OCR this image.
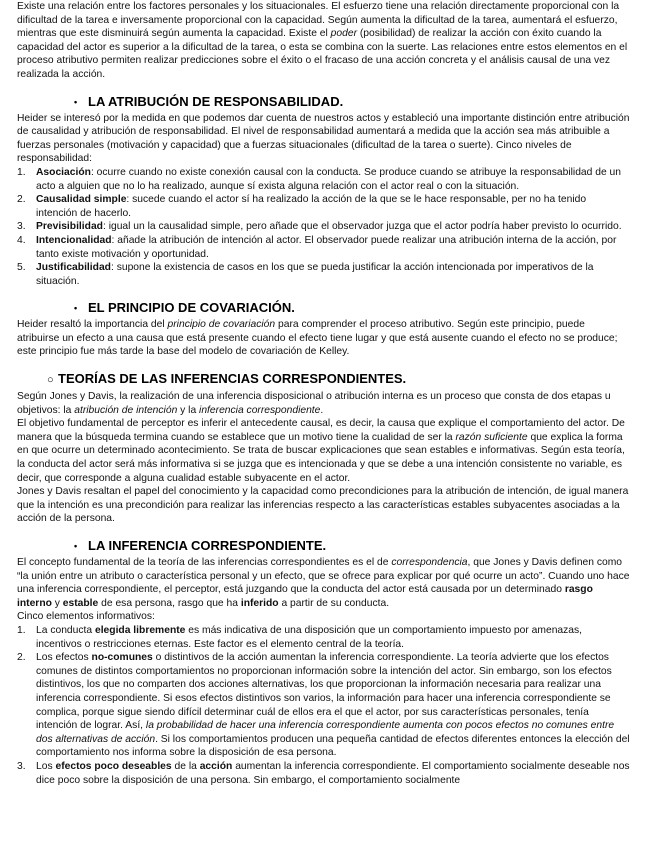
Existe una relación entre los factores personales y los situacionales. El esfuerzo tiene una relación directamente proporcional con la dificultad de la tarea e inversamente proporcional con la capacidad. Según aumenta la dificultad de la tarea, aumentará el esfuerzo, mientras que este disminuirá según aumenta la capacidad. Existe el poder (posibilidad) de realizar la acción con éxito cuando la capacidad del actor es superior a la dificultad de la tarea, o esta se combina con la suerte. Las relaciones entre estos elementos en el proceso atributivo permiten realizar predicciones sobre el éxito o el fracaso de una acción concreta y el análisis causal de una vez realizada la acción.

• LA ATRIBUCIÓN DE RESPONSABILIDAD.

Heider se interesó por la medida en que podemos dar cuenta de nuestros actos y estableció una importante distinción entre atribución de causalidad y atribución de responsabilidad. El nivel de responsabilidad aumentará a medida que la acción sea más atribuible a fuerzas personales (motivación y capacidad) que a fuerzas situacionales (dificultad de la tarea o suerte). Cinco niveles de responsabilidad:

1.	Asociación: ocurre cuando no existe conexión causal con la conducta. Se produce cuando se atribuye la responsabilidad de un acto a alguien que no lo ha realizado, aunque sí exista alguna relación con el actor real o con la situación.
2.	Causalidad simple: sucede cuando el actor sí ha realizado la acción de la que se le hace responsable, per no ha tenido intención de hacerlo.
3.	Previsibilidad: igual un la causalidad simple, pero añade que el observador juzga que el actor podría haber previsto lo ocurrido.
4.	Intencionalidad: añade la atribución de intención al actor. El observador puede realizar una atribución interna de la acción, por tanto existe motivación y oportunidad.
5.	Justificabilidad: supone la existencia de casos en los que se pueda justificar la acción intencionada por imperativos de la situación.
• EL PRINCIPIO DE COVARIACIÓN.

Heider resaltó la importancia del principio de covariación para comprender el proceso atributivo. Según este principio, puede atribuirse un efecto a una causa que está presente cuando el efecto tiene lugar y que está ausente cuando el efecto no se produce; este principio fue más tarde la base del modelo de covariación de Kelley.

○ TEORÍAS DE LAS INFERENCIAS CORRESPONDIENTES.

Según Jones y Davis, la realización de una inferencia disposicional o atribución interna es un proceso que consta de dos etapas u objetivos: la atribución de intención y la inferencia correspondiente.

El objetivo fundamental de perceptor es inferir el antecedente causal, es decir, la causa que explique el comportamiento del actor. De manera que la búsqueda termina cuando se establece que un motivo tiene la cualidad de ser la razón suficiente que explica la forma en que ocurre un determinado acontecimiento. Se trata de buscar explicaciones que sean estables e informativas. Según esta teoría, la conducta del actor será más informativa si se juzga que es intencionada y que se debe a una intención consistente no variable, es decir, que corresponde a alguna cualidad estable subyacente en el actor.

Jones y Davis resaltan el papel del conocimiento y la capacidad como precondiciones para la atribución de intención, de igual manera que la intención es una precondición para realizar las inferencias respecto a las características estables subyacentes asociadas a la acción de la persona.

• LA INFERENCIA CORRESPONDIENTE.

El concepto fundamental de la teoría de las inferencias correspondientes es el de correspondencia, que Jones y Davis definen como “la unión entre un atributo o característica personal y un efecto, que se ofrece para explicar por qué ocurre un acto”. Cuando uno hace una inferencia correspondiente, el perceptor, está juzgando que la conducta del actor está causada por un determinado rasgo interno y estable de esa persona, rasgo que ha inferido a partir de su conducta.

Cinco elementos informativos:

1.	La conducta elegida libremente es más indicativa de una disposición que un comportamiento impuesto por amenazas, incentivos o restricciones eternas. Este factor es el elemento central de la teoría.
2.	Los efectos no-comunes o distintivos de la acción aumentan la inferencia correspondiente. La teoría advierte que los efectos comunes de distintos comportamientos no proporcionan información sobre la intención del actor. Sin embargo, son los efectos distintivos, los que no comparten dos acciones alternativas, los que proporcionan la información necesaria para realizar una inferencia correspondiente. Si esos efectos distintivos son varios, la información para hacer una inferencia correspondiente se complica, porque sigue siendo difícil determinar cuál de ellos era el que el actor, por sus características personales, tenía intención de lograr. Así, la probabilidad de hacer una inferencia correspondiente aumenta con pocos efectos no comunes entre dos alternativas de acción. Si los comportamientos producen una pequeña cantidad de efectos diferentes entonces la elección del comportamiento nos informa sobre la disposición de esa persona.
3.	Los efectos poco deseables de la acción aumentan la inferencia correspondiente. El comportamiento socialmente deseable nos dice poco sobre la disposición de una persona. Sin embargo, el comportamiento socialmente
